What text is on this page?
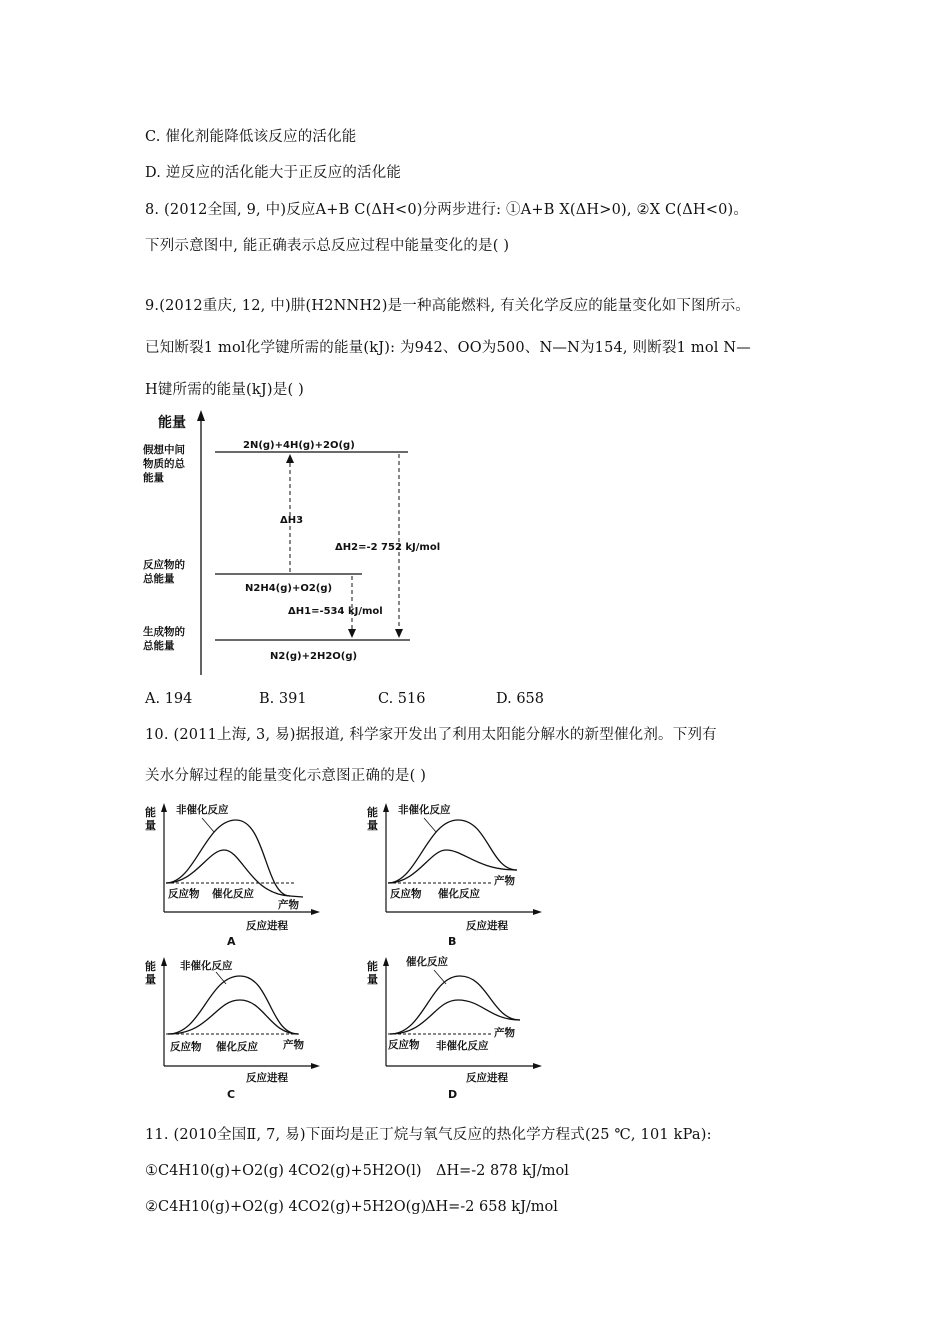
C. 催化剂能降低该反应的活化能
D. 逆反应的活化能大于正反应的活化能
8. (2012全国, 9, 中)反应A+B C(ΔH<0)分两步进行: ①A+B X(ΔH>0), ②X C(ΔH<0)。
下列示意图中, 能正确表示总反应过程中能量变化的是( )
9.(2012重庆, 12, 中)肼(H2NNH2)是一种高能燃料, 有关化学反应的能量变化如下图所示。
已知断裂1 mol化学键所需的能量(kJ): 为942、OO为500、N—N为154, 则断裂1 mol N—
H键所需的能量(kJ)是( )
能量
假想中间
物质的总
能量
反应物的
总能量
生成物的
总能量
2N(g)+4H(g)+2O(g)
N2H4(g)+O2(g)
N2(g)+2H2O(g)
ΔH3
ΔH2=-2 752 kJ/mol
ΔH1=-534 kJ/mol
A. 194	B. 391	C. 516	D. 658
10. (2011上海, 3, 易)据报道, 科学家开发出了利用太阳能分解水的新型催化剂。下列有
关水分解过程的能量变化示意图正确的是( )
能
量
非催化反应
反应物 催化反应
产物
反应进程
A
能
量
非催化反应
反应物 催化反应
产物
反应进程
B
能
量
非催化反应
反应物 催化反应 产物
反应进程
C
能
量
催化反应
反应物 非催化反应
产物
反应进程
D
11. (2010全国Ⅱ, 7, 易)下面均是正丁烷与氧气反应的热化学方程式(25 ℃, 101 kPa):
①C4H10(g)+O2(g) 4CO2(g)+5H2O(l) ΔH=-2 878 kJ/mol
②C4H10(g)+O2(g) 4CO2(g)+5H2O(g)
ΔH=-2 658 kJ/mol
